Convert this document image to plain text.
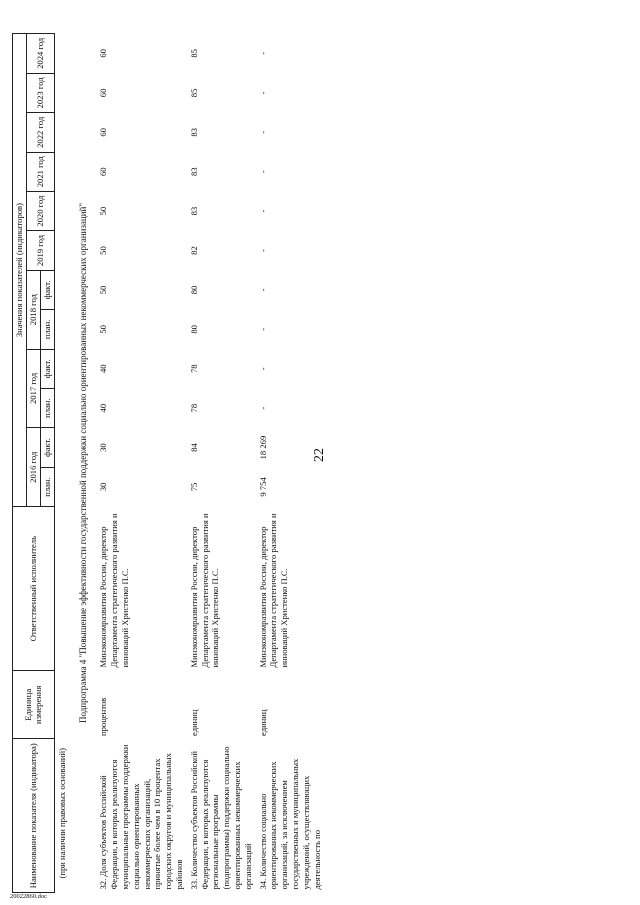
22
Наименование показателя (индикатора)	Единица измерения	Ответственный исполнитель	Значения показателей (индикаторов)											
			2016 год		2017 год		2018 год		2019 год	2020 год	2021 год	2022 год	2023 год	2024 год
			план.	факт.	план.	факт.	план.	факт.						
(при наличии правовых оснований)														
Подпрограмма 4 "Повышение эффективности государственной поддержки социально ориентированных некоммерческих организаций"														
32. Доля субъектов Российской Федерации, в которых реализуются муниципальные программы поддержки социально ориентированных некоммерческих организаций, принятые более чем в 10 процентах городских округов и муниципальных районов	процентов	Минэкономразвития России, директор Департамента стратегического развития и инноваций Христенко П.С.	30	30	40	40	50	50	50	50	60	60	60	60
33. Количество субъектов Российской Федерации, в которых реализуются региональные программы (подпрограммы) поддержки социально ориентированных некоммерческих организаций	единиц	Минэкономразвития России, директор Департамента стратегического развития и инноваций Христенко П.С.	75	84	78	78	80	80	82	83	83	83	85	85
34. Количество социально ориентированных некоммерческих организаций, за исключением государственных и муниципальных учреждений, осуществляющих деятельность по	единиц	Минэкономразвития России, директор Департамента стратегического развития и инноваций Христенко П.С.	9 754	18 269	-	-	-	-	-	-	-	-	-	-
20022860.doc
